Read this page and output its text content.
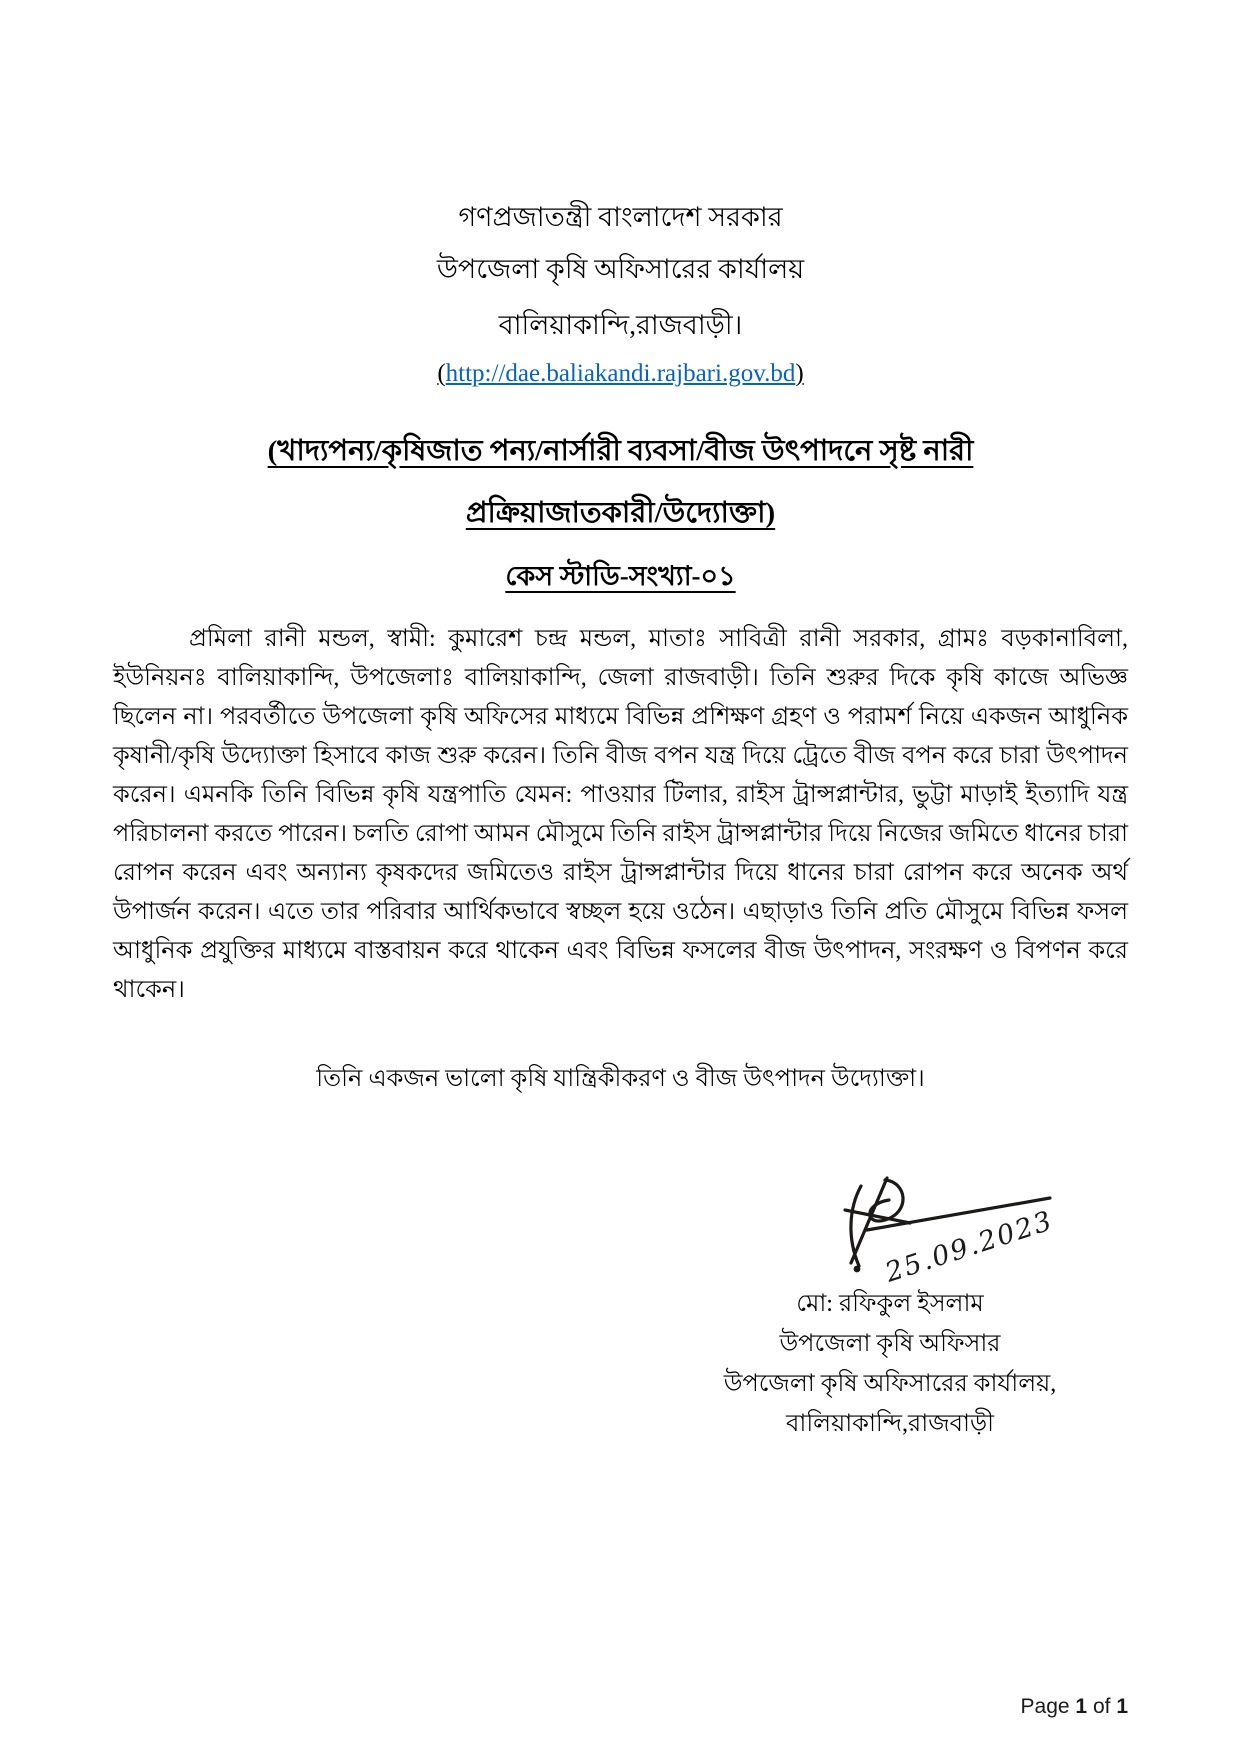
গণপ্রজাতন্ত্রী বাংলাদেশ সরকার
উপজেলা কৃষি অফিসারের কার্যালয়
বালিয়াকান্দি,রাজবাড়ী।
(http://dae.baliakandi.rajbari.gov.bd)
(খাদ্যপন্য/কৃষিজাত পন্য/নার্সারী ব্যবসা/বীজ উৎপাদনে সৃষ্ট নারী
প্রক্রিয়াজাতকারী/উদ্যোক্তা)
কেস স্টাডি-সংখ্যা-০১
প্রমিলা রানী মন্ডল, স্বামী: কুমারেশ চন্দ্র মন্ডল, মাতাঃ সাবিত্রী রানী সরকার, গ্রামঃ বড়কানাবিলা, ইউনিয়নঃ বালিয়াকান্দি, উপজেলাঃ বালিয়াকান্দি, জেলা রাজবাড়ী। তিনি শুরুর দিকে কৃষি কাজে অভিজ্ঞ ছিলেন না। পরবর্তীতে উপজেলা কৃষি অফিসের মাধ্যমে বিভিন্ন প্রশিক্ষণ গ্রহণ ও পরামর্শ নিয়ে একজন আধুনিক কৃষানী/কৃষি উদ্যোক্তা হিসাবে কাজ শুরু করেন। তিনি বীজ বপন যন্ত্র দিয়ে ট্রেতে বীজ বপন করে চারা উৎপাদন করেন। এমনকি তিনি বিভিন্ন কৃষি যন্ত্রপাতি যেমন: পাওয়ার টিলার, রাইস ট্রান্সপ্লান্টার, ভুট্টা মাড়াই ইত্যাদি যন্ত্র পরিচালনা করতে পারেন। চলতি রোপা আমন মৌসুমে তিনি রাইস ট্রান্সপ্লান্টার দিয়ে নিজের জমিতে ধানের চারা রোপন করেন এবং অন্যান্য কৃষকদের জমিতেও রাইস ট্রান্সপ্লান্টার দিয়ে ধানের চারা রোপন করে অনেক অর্থ উপার্জন করেন। এতে তার পরিবার আর্থিকভাবে স্বচ্ছল হয়ে ওঠেন। এছাড়াও তিনি প্রতি মৌসুমে বিভিন্ন ফসল আধুনিক প্রযুক্তির মাধ্যমে বাস্তবায়ন করে থাকেন এবং বিভিন্ন ফসলের বীজ উৎপাদন, সংরক্ষণ ও বিপণন করে থাকেন।
তিনি একজন ভালো কৃষি যান্ত্রিকীকরণ ও বীজ উৎপাদন উদ্যোক্তা।
25.09.2023
মো: রফিকুল ইসলাম
উপজেলা কৃষি অফিসার
উপজেলা কৃষি অফিসারের কার্যালয়,
বালিয়াকান্দি,রাজবাড়ী
Page 1 of 1
